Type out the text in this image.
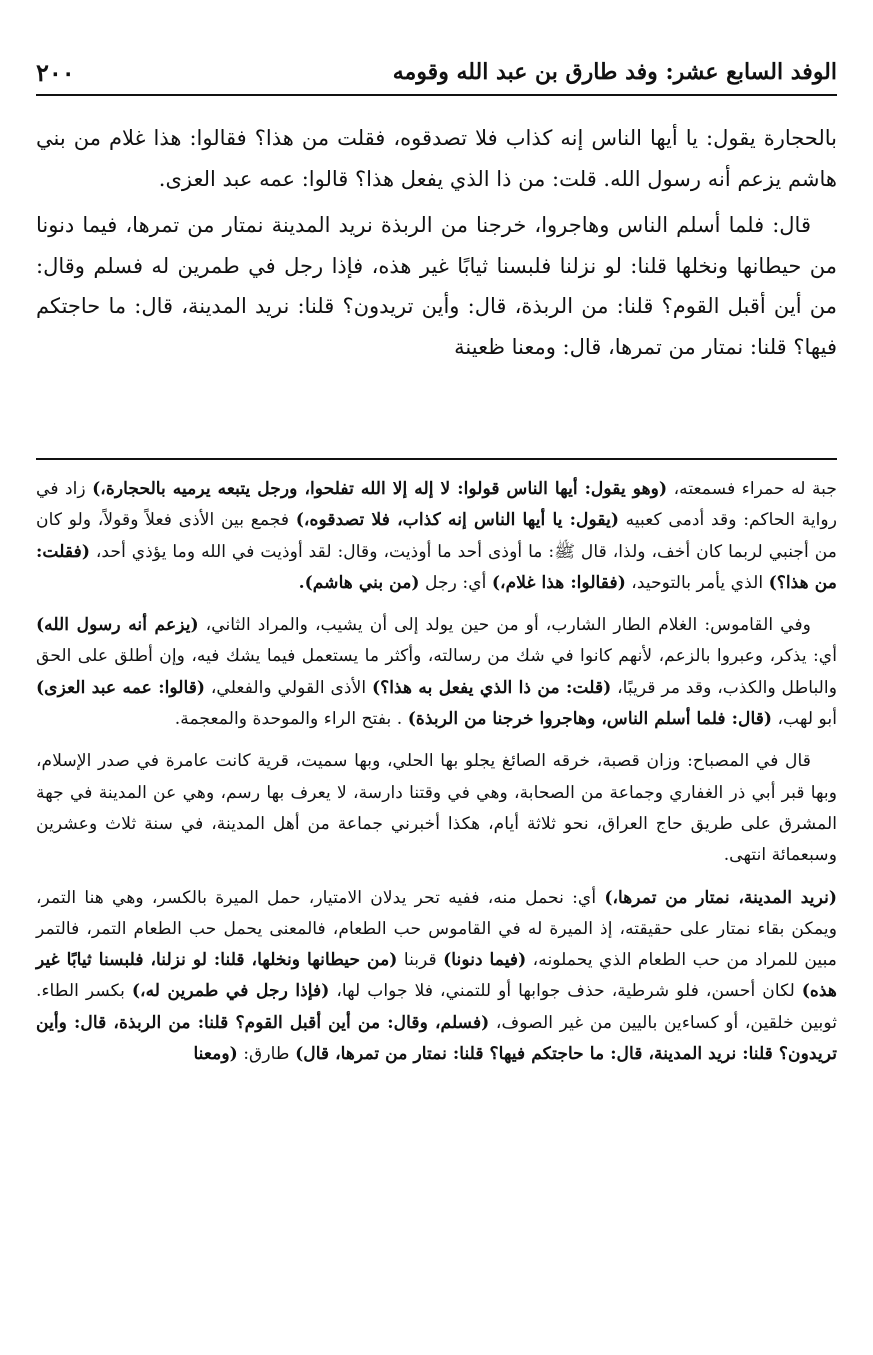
الوفد السابع عشر: وفد طارق بن عبد الله وقومه
٢٠٠

بالحجارة يقول: يا أيها الناس إنه كذاب فلا تصدقوه، فقلت من هذا؟ فقالوا: هذا غلام من بني هاشم يزعم أنه رسول الله. قلت: من ذا الذي يفعل هذا؟ قالوا: عمه عبد العزى.

قال: فلما أسلم الناس وهاجروا، خرجنا من الربذة نريد المدينة نمتار من تمرها، فيما دنونا من حيطانها ونخلها قلنا: لو نزلنا فلبسنا ثيابًا غير هذه، فإذا رجل في طمرين له فسلم وقال: من أين أقبل القوم؟ قلنا: من الربذة، قال: وأين تريدون؟ قلنا: نريد المدينة، قال: ما حاجتكم فيها؟ قلنا: نمتار من تمرها، قال: ومعنا ظعينة

جبة له حمراء فسمعته، (وهو يقول: أيها الناس قولوا: لا إله إلا الله تفلحوا، ورجل يتبعه يرميه بالحجارة،) زاد في رواية الحاكم: وقد أدمى كعبيه (يقول: يا أيها الناس إنه كذاب، فلا تصدقوه،) فجمع بين الأذى فعلاً وقولاً، ولو كان من أجنبي لربما كان أخف، ولذا، قال ﷺ: ما أوذى أحد ما أوذيت، وقال: لقد أوذيت في الله وما يؤذي أحد، (فقلت: من هذا؟) الذي يأمر بالتوحيد، (فقالوا: هذا غلام،) أي: رجل (من بني هاشم).

وفي القاموس: الغلام الطار الشارب، أو من حين يولد إلى أن يشيب، والمراد الثاني، (يزعم أنه رسول الله) أي: يذكر، وعبروا بالزعم، لأنهم كانوا في شك من رسالته، وأكثر ما يستعمل فيما يشك فيه، وإن أطلق على الحق والباطل والكذب، وقد مر قريبًا، (قلت: من ذا الذي يفعل به هذا؟) الأذى القولي والفعلي، (قالوا: عمه عبد العزى) أبو لهب، (قال: فلما أسلم الناس، وهاجروا خرجنا من الربذة) . بفتح الراء والموحدة والمعجمة.

قال في المصباح: وزان قصبة، خرقه الصائغ يجلو بها الحلي، وبها سميت، قرية كانت عامرة في صدر الإسلام، وبها قبر أبي ذر الغفاري وجماعة من الصحابة، وهي في وقتنا دارسة، لا يعرف بها رسم، وهي عن المدينة في جهة المشرق على طريق حاج العراق، نحو ثلاثة أيام، هكذا أخبرني جماعة من أهل المدينة، في سنة ثلاث وعشرين وسبعمائة انتهى.

(نريد المدينة، نمتار من تمرها،) أي: نحمل منه، ففيه تحر يدلان الامتيار، حمل الميرة بالكسر، وهي هنا التمر، ويمكن بقاء نمتار على حقيقته، إذ الميرة له في القاموس حب الطعام، فالمعنى يحمل حب الطعام التمر، فالتمر مبين للمراد من حب الطعام الذي يحملونه، (فيما دنونا) قربنا (من حيطانها ونخلها، قلنا: لو نزلنا، فلبسنا ثيابًا غير هذه) لكان أحسن، فلو شرطية، حذف جوابها أو للتمني، فلا جواب لها، (فإذا رجل في طمرين له،) بكسر الطاء. ثوبين خلقين، أو كساءين باليين من غير الصوف، (فسلم، وقال: من أين أقبل القوم؟ قلنا: من الربذة، قال: وأين تريدون؟ قلنا: نريد المدينة، قال: ما حاجتكم فيها؟ قلنا: نمتار من تمرها، قال) طارق: (ومعنا
